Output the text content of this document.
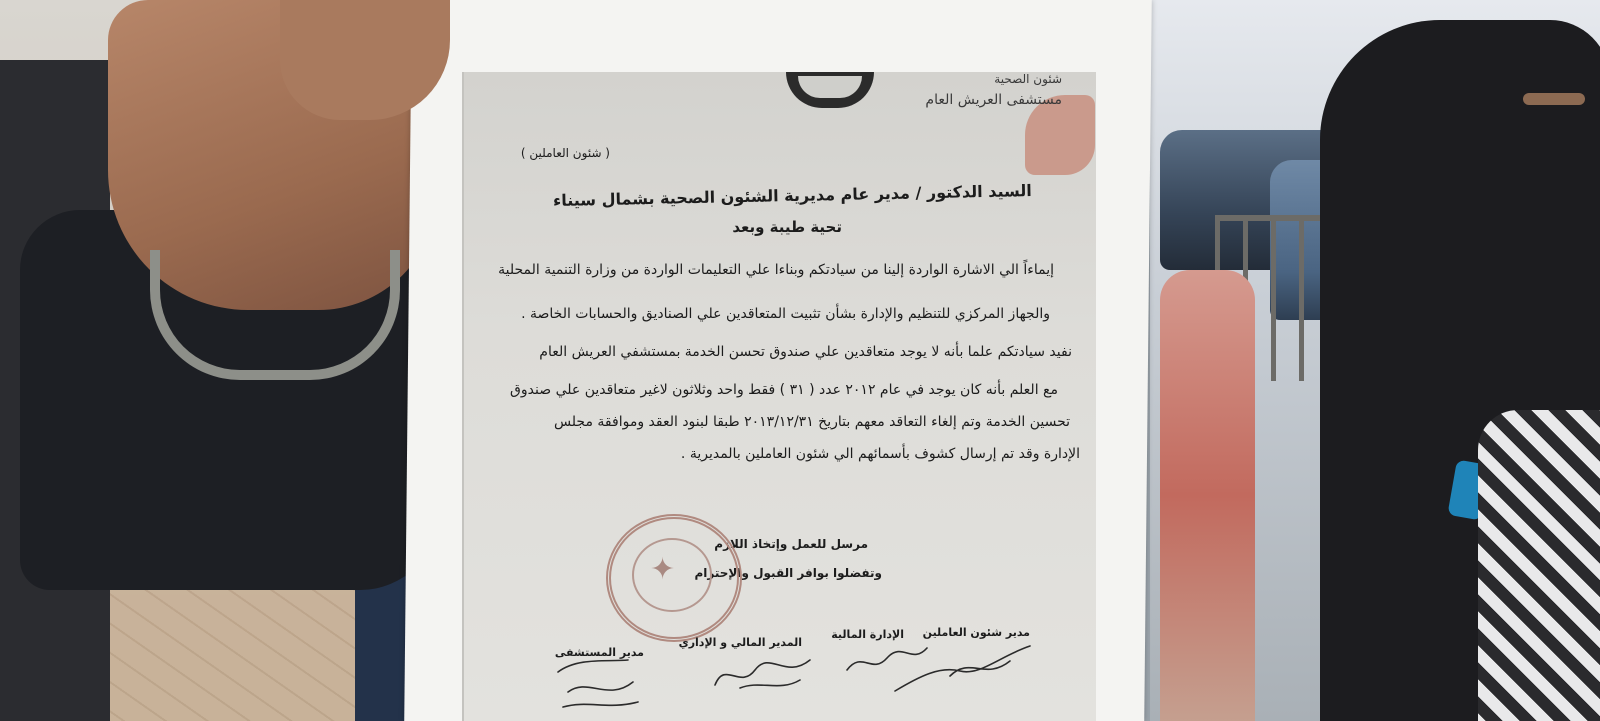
شئون الصحية
مستشفى العريش العام
( شئون العاملين )
السيد الدكتور / مدير عام مديرية الشئون الصحية بشمال سيناء
تحية طيبة وبعد
إيماءاً الي الاشارة الواردة إلينا من سيادتكم وبناءا علي التعليمات الواردة من وزارة التنمية المحلية
والجهاز المركزي للتنظيم والإدارة بشأن تثبيت المتعاقدين علي الصناديق والحسابات الخاصة .
نفيد سيادتكم علما بأنه لا يوجد متعاقدين علي صندوق تحسن الخدمة بمستشفي العريش العام
مع العلم بأنه كان يوجد في عام ٢٠١٢ عدد ( ٣١ ) فقط واحد وثلاثون لاغير متعاقدين علي صندوق
تحسين الخدمة وتم إلغاء التعاقد معهم بتاريخ ٢٠١٣/١٢/٣١ طبقا لبنود العقد وموافقة مجلس
الإدارة وقد تم إرسال كشوف بأسمائهم الي شئون العاملين بالمديرية .
مرسل للعمل وإتخاذ اللازم
وتفضلوا بوافر القبول والإحترام
✦
مدير شئون العاملين
الإدارة المالية
المدير المالي و الإداري
مدير المستشفى
